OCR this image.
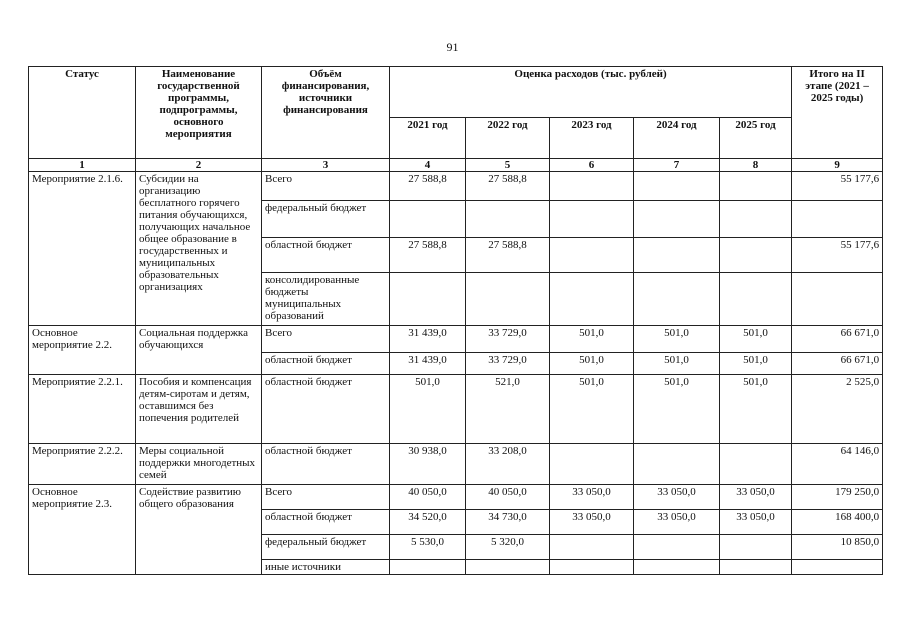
91
Статус	Наименование государственной программы, подпрограммы, основного мероприятия	Объём финансирования, источники финансирования	Оценка расходов (тыс. рублей)					Итого на II этапе (2021 – 2025 годы)
			2021 год	2022 год	2023 год	2024 год	2025 год	
1	2	3	4	5	6	7	8	9
Мероприятие 2.1.6.	Субсидии на организацию бесплатного горячего питания обучающихся, получающих начальное общее образование в государственных и муниципальных образовательных организациях	Всего	27 588,8	27 588,8				55 177,6
		федеральный бюджет						
		областной бюджет	27 588,8	27 588,8				55 177,6
		консолидированные бюджеты муниципальных образований						
Основное мероприятие 2.2.	Социальная поддержка обучающихся	Всего	31 439,0	33 729,0	501,0	501,0	501,0	66 671,0
		областной бюджет	31 439,0	33 729,0	501,0	501,0	501,0	66 671,0
Мероприятие 2.2.1.	Пособия и компенсация детям-сиротам и детям, оставшимся без попечения родителей	областной бюджет	501,0	521,0	501,0	501,0	501,0	2 525,0
Мероприятие 2.2.2.	Меры социальной поддержки многодетных семей	областной бюджет	30 938,0	33 208,0				64 146,0
Основное мероприятие 2.3.	Содействие развитию общего образования	Всего	40 050,0	40 050,0	33 050,0	33 050,0	33 050,0	179 250,0
		областной бюджет	34 520,0	34 730,0	33 050,0	33 050,0	33 050,0	168 400,0
		федеральный бюджет	5 530,0	5 320,0				10 850,0
		иные источники						
